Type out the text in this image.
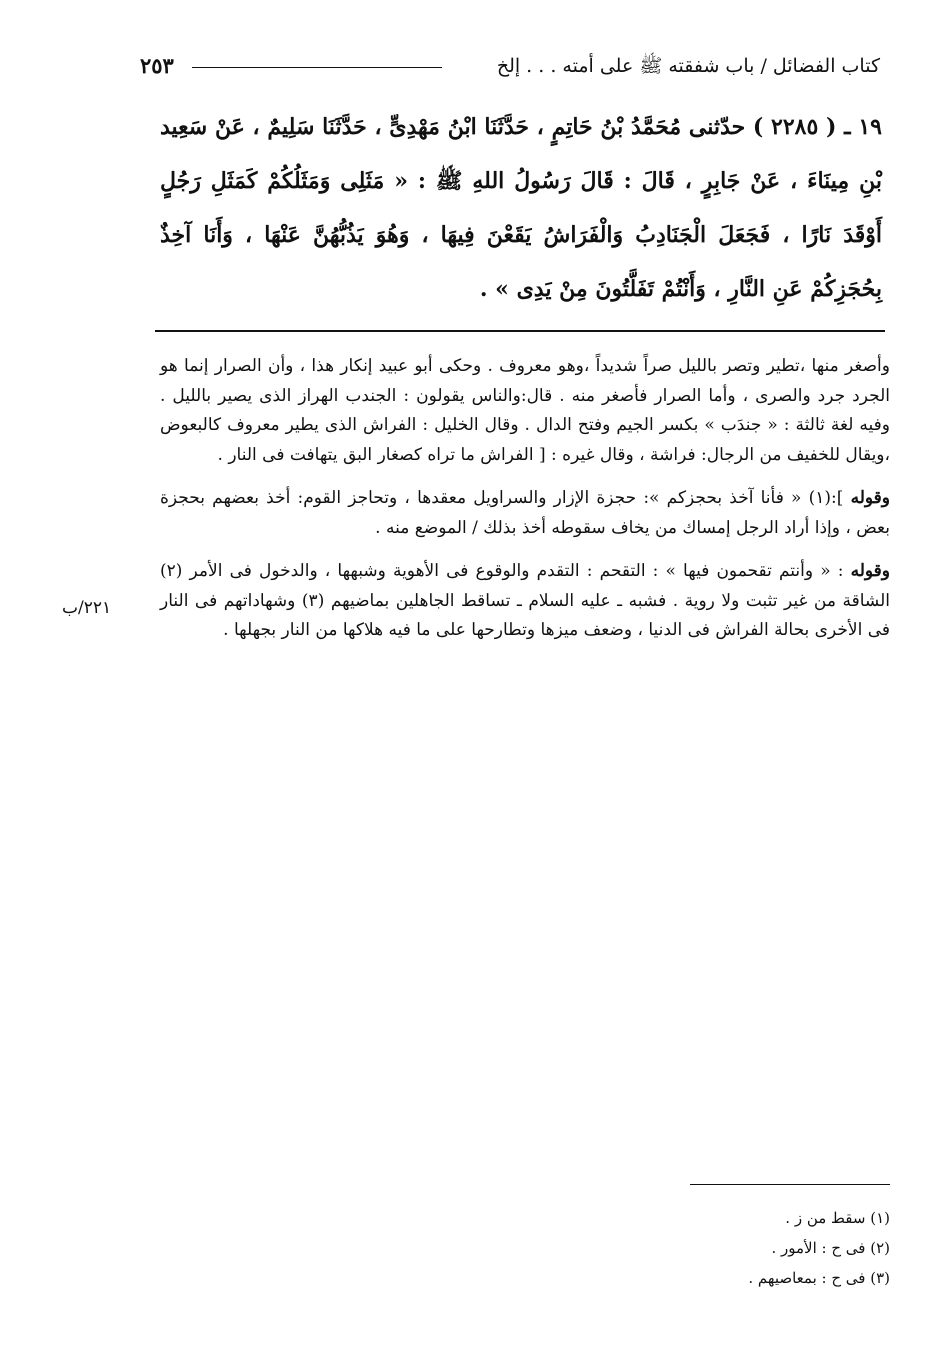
كتاب الفضائل / باب شفقته ﷺ على أمته . . . إلخ
٢٥٣
١٩ ـ ( ٢٢٨٥ ) حدّثنى مُحَمَّدُ بْنُ حَاتِمٍ ، حَدَّثَنَا ابْنُ مَهْدِىٍّ ، حَدَّثَنَا سَلِيمٌ ، عَنْ سَعِيد بْنِ مِينَاءَ ، عَنْ جَابِرٍ ، قَالَ : قَالَ رَسُولُ اللهِ ﷺ : « مَثَلِى وَمَثَلُكُمْ كَمَثَلِ رَجُلٍ أَوْقَدَ نَارًا ، فَجَعَلَ الْجَنَادِبُ وَالْفَرَاشُ يَقَعْنَ فِيهَا ، وَهُوَ يَذُبُّهُنَّ عَنْهَا ، وَأَنَا آخِذٌ بِحُجَزِكُمْ عَنِ النَّارِ ، وَأَنْتُمْ تَفَلَّتُونَ مِنْ يَدِى » .

وأصغر منها ،تطير وتصر بالليل صراً شديداً ،وهو معروف . وحكى أبو عبيد إنكار هذا ، وأن الصرار إنما هو الجرد جرد والصرى ، وأما الصرار فأصغر منه . قال:والناس يقولون : الجندب الهراز الذى يصير بالليل . وفيه لغة ثالثة : « جندَب » بكسر الجيم وفتح الدال . وقال الخليل : الفراش الذى يطير معروف كالبعوض ،ويقال للخفيف من الرجال: فراشة ، وقال غيره : [ الفراش ما تراه كصغار البق يتهافت فى النار .

وقوله ]:(١) « فأنا آخذ بحجزكم »: حجزة الإزار والسراويل معقدها ، وتحاجز القوم: أخذ بعضهم بحجزة بعض ، وإذا أراد الرجل إمساك من يخاف سقوطه أخذ بذلك / الموضع منه .

وقوله : « وأنتم تقحمون فيها » : التقحم : التقدم والوقوع فى الأهوية وشبهها ، والدخول فى الأمر (٢) الشاقة من غير تثبت ولا روية . فشبه ـ عليه السلام ـ تساقط الجاهلين بماضيهم (٣) وشهاداتهم فى النار فى الأخرى بحالة الفراش فى الدنيا ، وضعف ميزها وتطارحها على ما فيه هلاكها من النار بجهلها .

٢٢١/ب
(١) سقط من ز .
(٢) فى ح : الأمور .
(٣) فى ح : بمعاصيهم .
